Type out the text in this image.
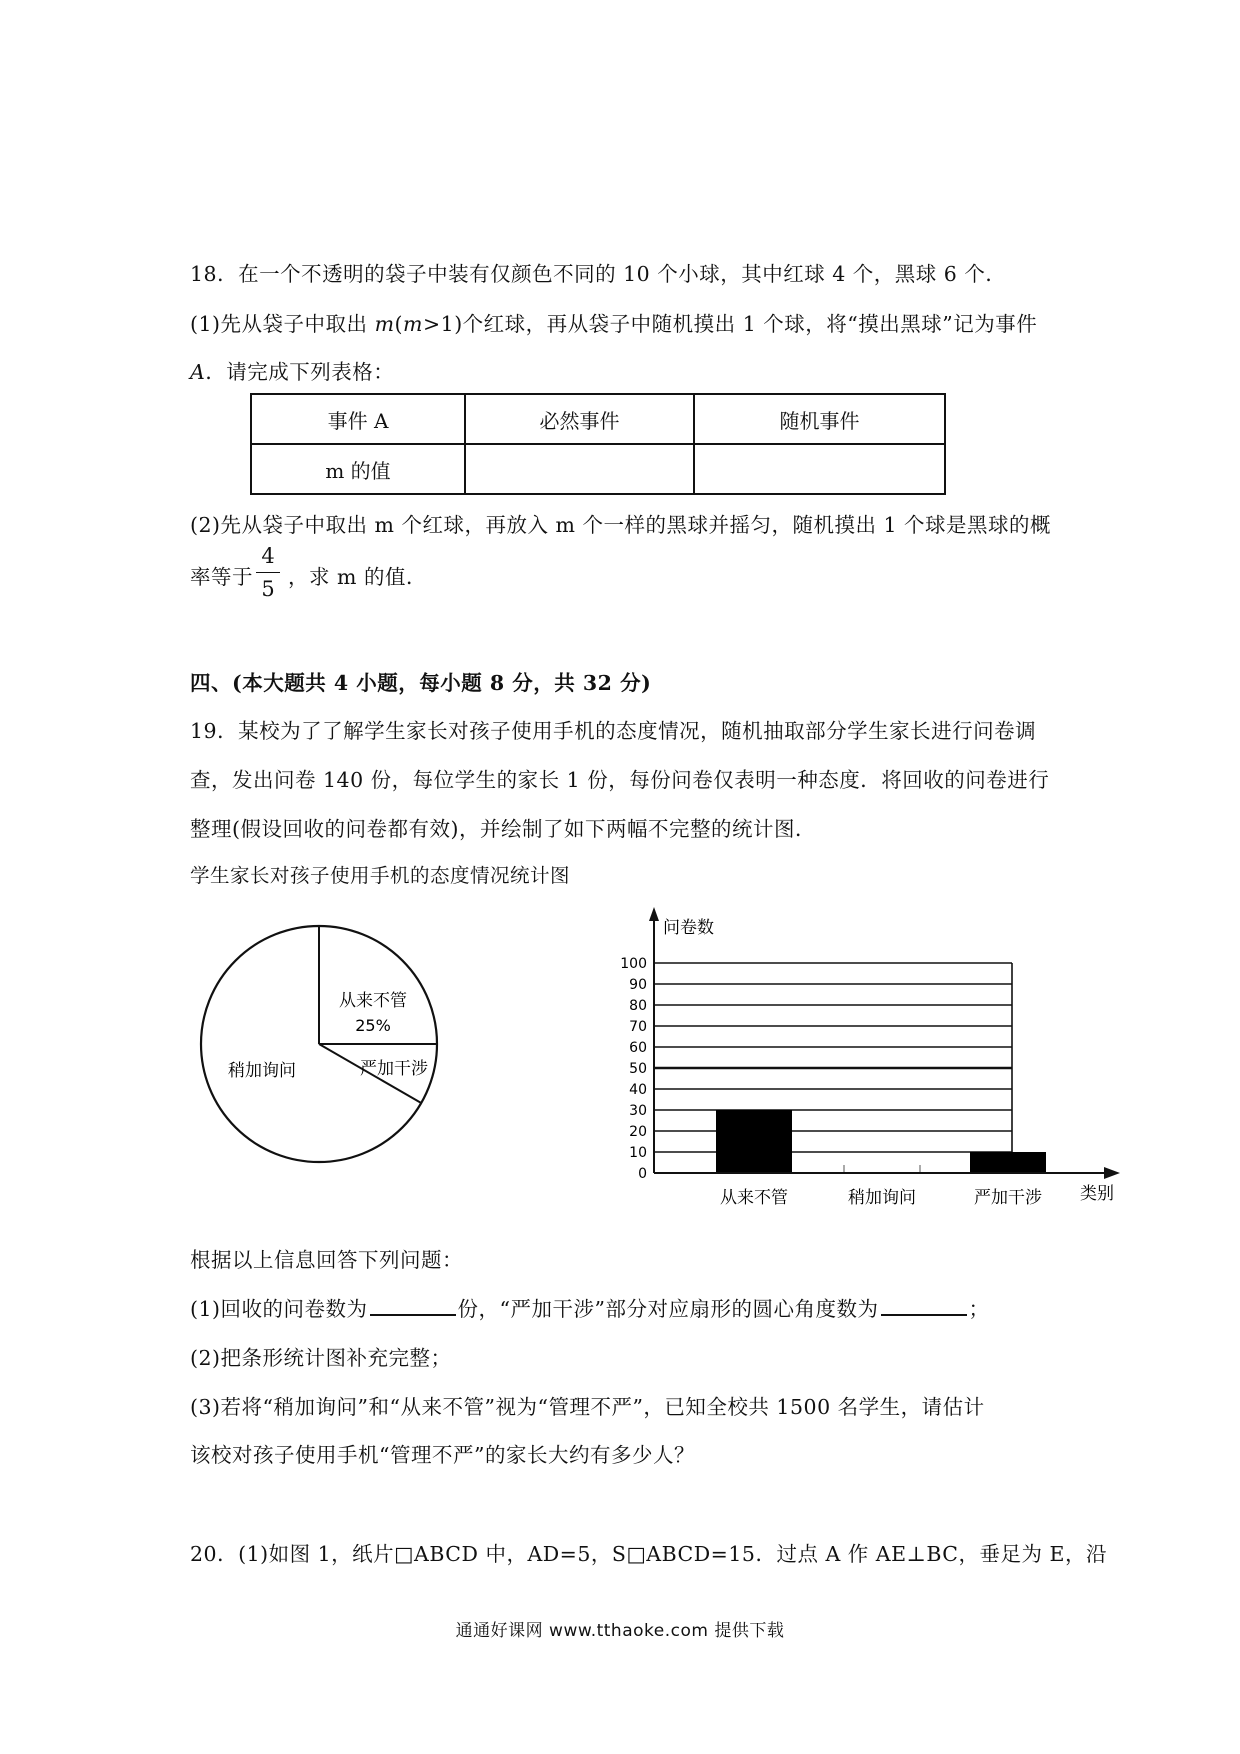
18．在一个不透明的袋子中装有仅颜色不同的 10 个小球，其中红球 4 个，黑球 6 个．
(1)先从袋子中取出 m(m>1)个红球，再从袋子中随机摸出 1 个球，将“摸出黑球”记为事件
A．请完成下列表格：
事件 A	必然事件	随机事件
m 的值		
(2)先从袋子中取出 m 个红球，再放入 m 个一样的黑球并摇匀，随机摸出 1 个球是黑球的概
率等于
4
5 ，求 m 的值．
四、(本大题共 4 小题，每小题 8 分，共 32 分)
19．某校为了了解学生家长对孩子使用手机的态度情况，随机抽取部分学生家长进行问卷调
查，发出问卷 140 份，每位学生的家长 1 份，每份问卷仅表明一种态度．将回收的问卷进行
整理(假设回收的问卷都有效)，并绘制了如下两幅不完整的统计图．
学生家长对孩子使用手机的态度情况统计图
从来不管
25%
严加干涉
稍加询问
0
10
20
30
40
50
60
70
80
90
100
从来不管	稍加询问	严加干涉
问卷数
类别
根据以上信息回答下列问题：
(1)回收的问卷数为	份，“严加干涉”部分对应扇形的圆心角度数为	；
(2)把条形统计图补充完整；
(3)若将“稍加询问”和“从来不管”视为“管理不严”，已知全校共 1500 名学生，请估计
该校对孩子使用手机“管理不严”的家长大约有多少人？
20．(1)如图 1，纸片□ABCD 中，AD=5，S□ABCD=15．过点 A 作 AE⊥BC，垂足为 E，沿
通通好课网 www.tthaoke.com 提供下载
